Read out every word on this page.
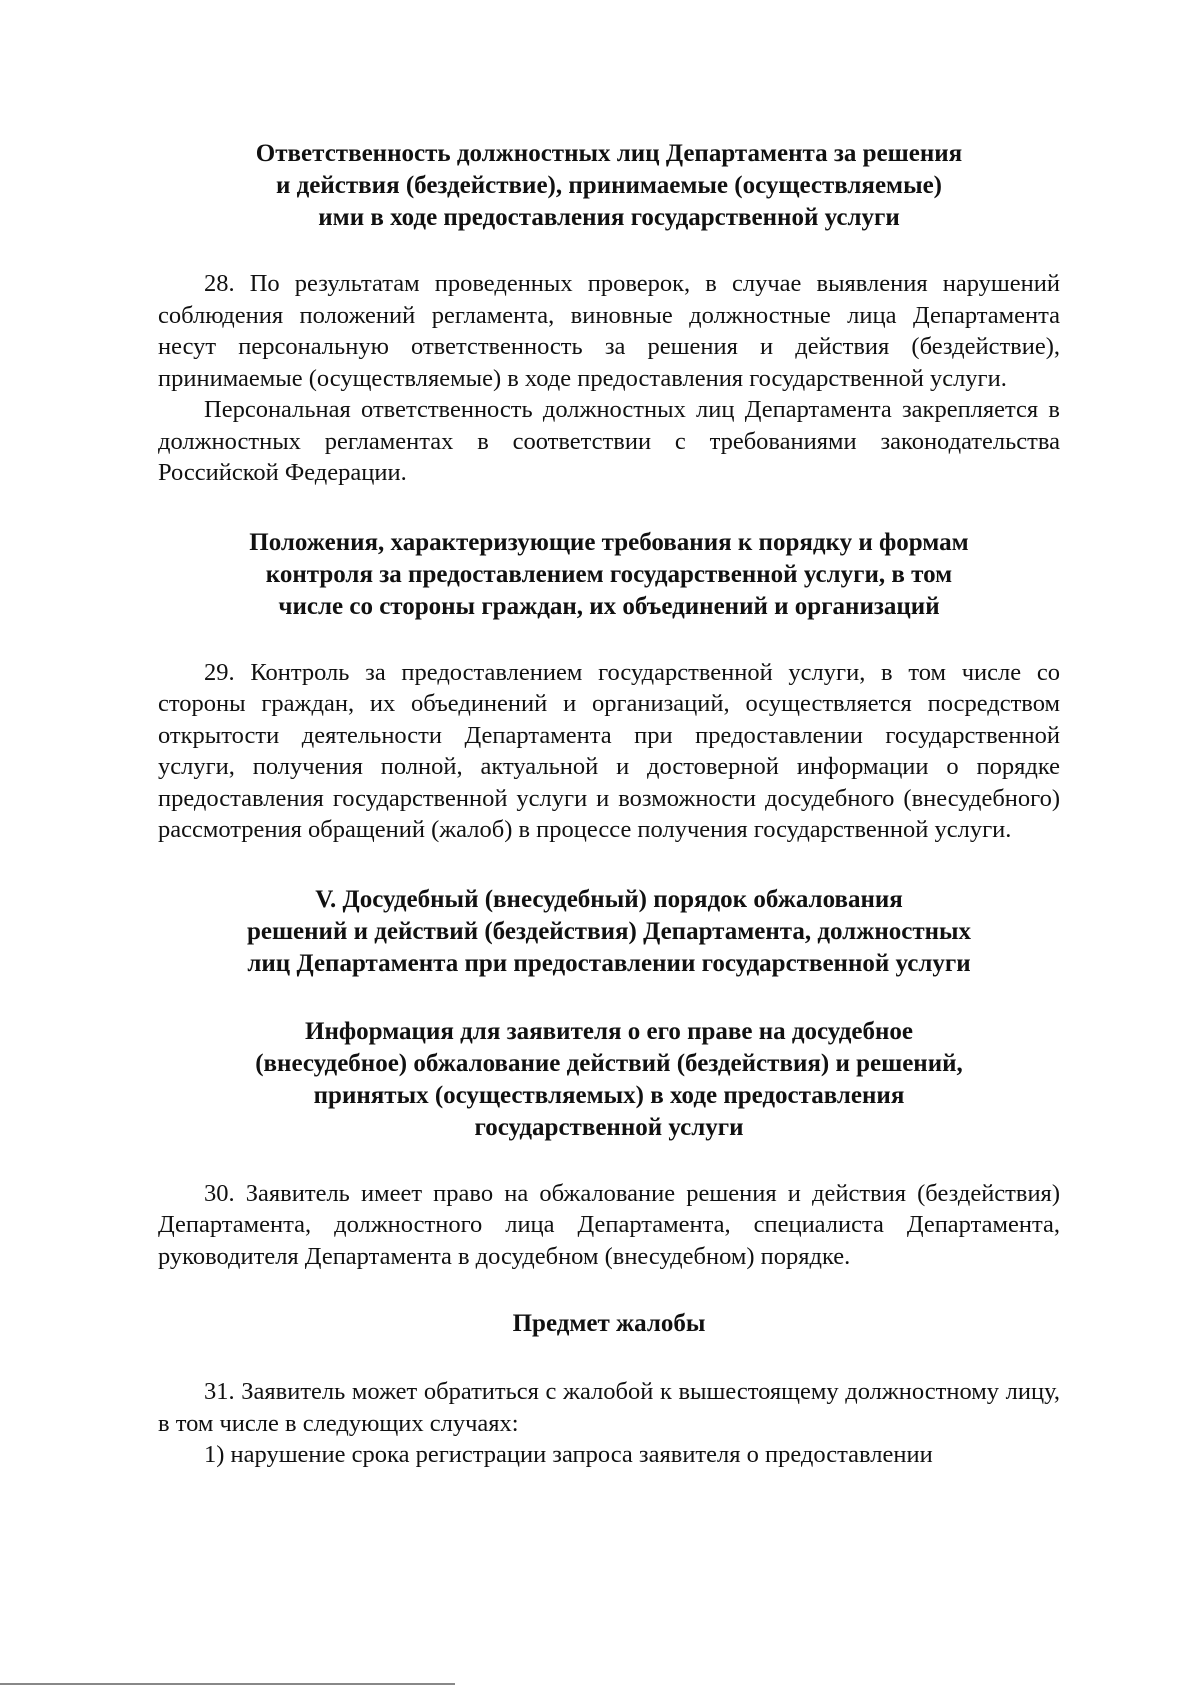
Ответственность должностных лиц Департамента за решения
и действия (бездействие), принимаемые (осуществляемые)
ими в ходе предоставления государственной услуги

28. По результатам проведенных проверок, в случае выявления нарушений соблюдения положений регламента, виновные должностные лица Департамента несут персональную ответственность за решения и действия (бездействие), принимаемые (осуществляемые) в ходе предоставления государственной услуги.

Персональная ответственность должностных лиц Департамента закрепляется в должностных регламентах в соответствии с требованиями законодательства Российской Федерации.

Положения, характеризующие требования к порядку и формам
контроля за предоставлением государственной услуги, в том
числе со стороны граждан, их объединений и организаций

29. Контроль за предоставлением государственной услуги, в том числе со стороны граждан, их объединений и организаций, осуществляется посредством открытости деятельности Департамента при предоставлении государственной услуги, получения полной, актуальной и достоверной информации о порядке предоставления государственной услуги и возможности досудебного (внесудебного) рассмотрения обращений (жалоб) в процессе получения государственной услуги.

V. Досудебный (внесудебный) порядок обжалования
решений и действий (бездействия) Департамента, должностных
лиц Департамента при предоставлении государственной услуги
Информация для заявителя о его праве на досудебное
(внесудебное) обжалование действий (бездействия) и решений,
принятых (осуществляемых) в ходе предоставления
государственной услуги

30. Заявитель имеет право на обжалование решения и действия (бездействия) Департамента, должностного лица Департамента, специалиста Департамента, руководителя Департамента в досудебном (внесудебном) порядке.

Предмет жалобы

31. Заявитель может обратиться с жалобой к вышестоящему должностному лицу, в том числе в следующих случаях:

1) нарушение срока регистрации запроса заявителя о предоставлении
